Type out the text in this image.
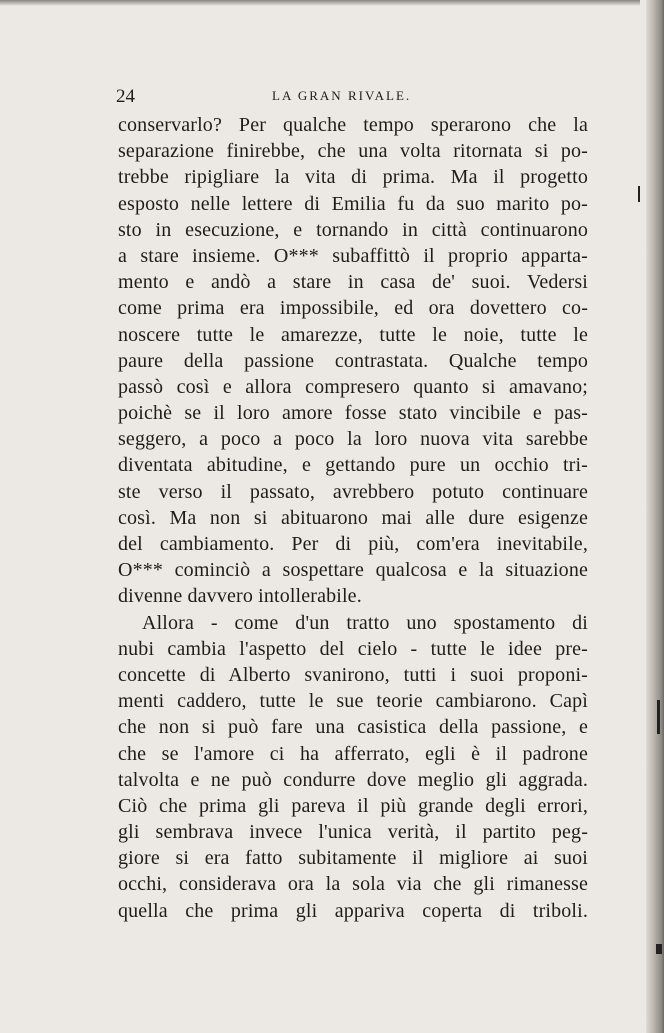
24	LA GRAN RIVALE.
conservarlo? Per qualche tempo sperarono che la
separazione finirebbe, che una volta ritornata si po-
trebbe ripigliare la vita di prima. Ma il progetto
esposto nelle lettere di Emilia fu da suo marito po-
sto in esecuzione, e tornando in città continuarono
a stare insieme. O*** subaffittò il proprio apparta-
mento e andò a stare in casa de' suoi. Vedersi
come prima era impossibile, ed ora dovettero co-
noscere tutte le amarezze, tutte le noie, tutte le
paure della passione contrastata. Qualche tempo
passò così e allora compresero quanto si amavano;
poichè se il loro amore fosse stato vincibile e pas-
seggero, a poco a poco la loro nuova vita sarebbe
diventata abitudine, e gettando pure un occhio tri-
ste verso il passato, avrebbero potuto continuare
così. Ma non si abituarono mai alle dure esigenze
del cambiamento. Per di più, com'era inevitabile,
O*** cominciò a sospettare qualcosa e la situazione
divenne davvero intollerabile.
Allora - come d'un tratto uno spostamento di
nubi cambia l'aspetto del cielo - tutte le idee pre-
concette di Alberto svanirono, tutti i suoi proponi-
menti caddero, tutte le sue teorie cambiarono. Capì
che non si può fare una casistica della passione, e
che se l'amore ci ha afferrato, egli è il padrone
talvolta e ne può condurre dove meglio gli aggrada.
Ciò che prima gli pareva il più grande degli errori,
gli sembrava invece l'unica verità, il partito peg-
giore si era fatto subitamente il migliore ai suoi
occhi, considerava ora la sola via che gli rimanesse
quella che prima gli appariva coperta di triboli.
